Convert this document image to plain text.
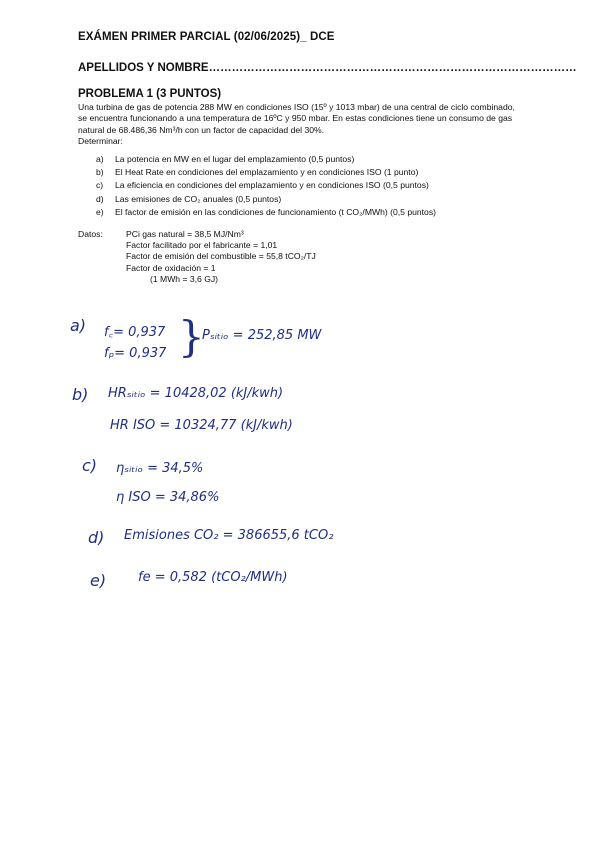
EXÁMEN PRIMER PARCIAL (02/06/2025)_ DCE
APELLIDOS Y NOMBRE……………………………………………………………………………………
PROBLEMA 1 (3 PUNTOS)
Una turbina de gas de potencia 288 MW en condiciones ISO (15º y 1013 mbar) de una central de ciclo combinado, se encuentra funcionando a una temperatura de 16ºC y 950 mbar. En estas condiciones tiene un consumo de gas natural de 68.486,36 Nm³/h con un factor de capacidad del 30%.
Determinar:
a)	La potencia en MW en el lugar del emplazamiento (0,5 puntos)
b)	El Heat Rate en condiciones del emplazamiento y en condiciones ISO (1 punto)
c)	La eficiencia en condiciones del emplazamiento y en condiciones ISO (0,5 puntos)
d)	Las emisiones de CO₂ anuales (0,5 puntos)
e)	El factor de emisión en las condiciones de funcionamiento (t CO₂/MWh) (0,5 puntos)
Datos:	PCi gas natural = 38,5 MJ/Nm³
Factor facilitado por el fabricante = 1,01
Factor de emisión del combustible = 55,8 tCO₂/TJ
Factor de oxidación = 1
(1 MWh = 3,6 GJ)
a) f꜀= 0,937
fₚ= 0,937 }
Pₛᵢₜᵢₒ = 252,85 MW
b) HRₛᵢₜᵢₒ = 10428,02 (kJ/kwh)
HR ISO = 10324,77 (kJ/kwh)
c) ηₛᵢₜᵢₒ = 34,5%
η ISO = 34,86%
d) Emisiones CO₂ = 386655,6 tCO₂
e) fe = 0,582 (tCO₂/MWh)
